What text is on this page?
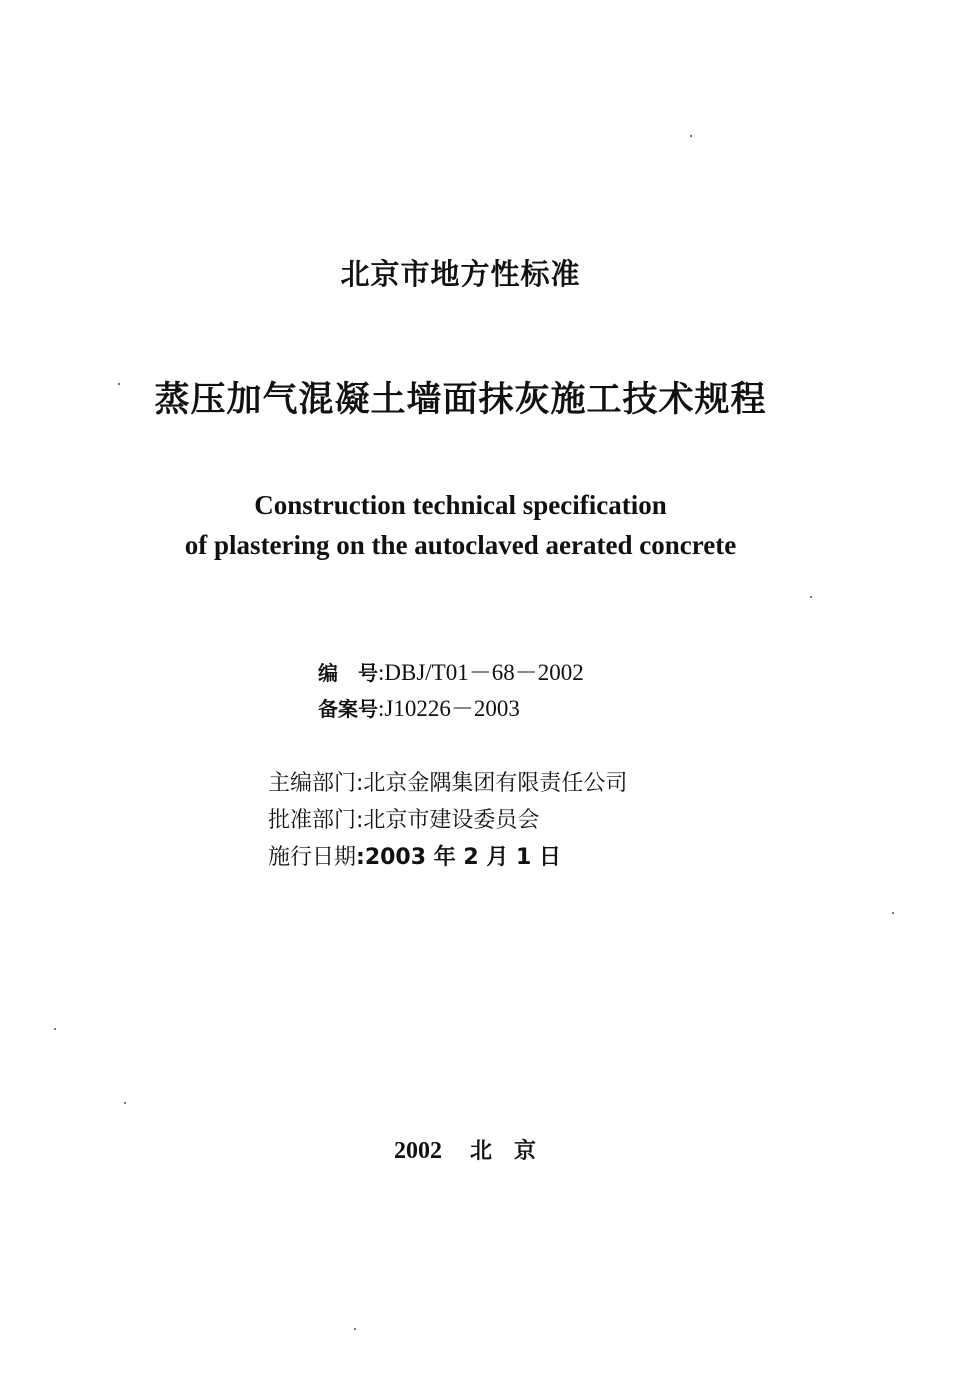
北京市地方性标准
蒸压加气混凝土墙面抹灰施工技术规程
Construction technical specification
of plastering on the autoclaved aerated concrete
编　号:DBJ/T01－68－2002
备案号:J10226－2003
主编部门:北京金隅集团有限责任公司
批准部门:北京市建设委员会
施行日期:2003 年 2 月 1 日
2002 北　京
